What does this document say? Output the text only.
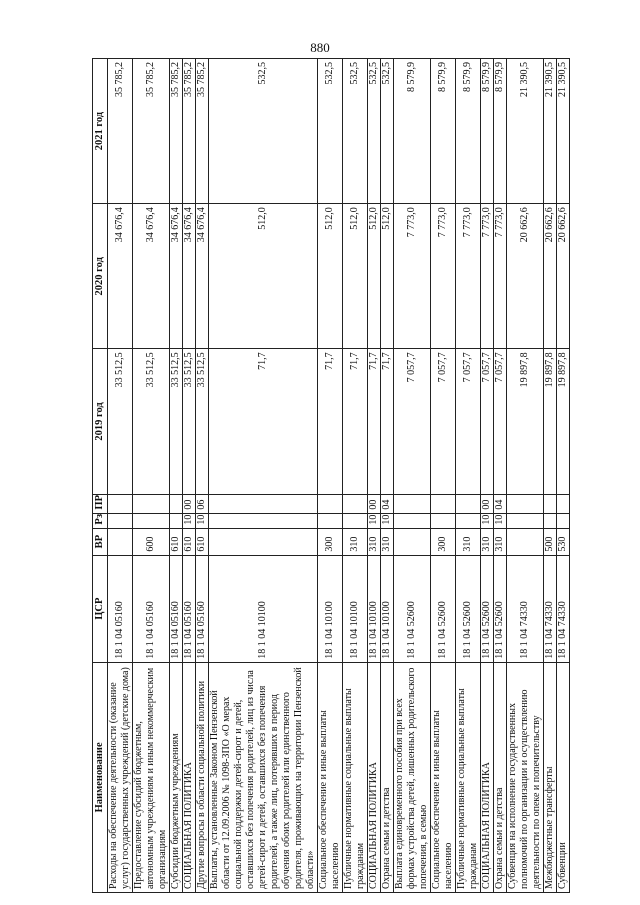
880
Наименование	ЦСР	ВР	Рз	ПР	2019 год	2020 год	2021 год
Расходы на обеспечение деятельности (оказание услуг) государственных учреждений (детские дома)	18 1 04 05160				33 512,5	34 676,4	35 785,2
Предоставление субсидий бюджетным, автономным учреждениям и иным некоммерческим организациям	18 1 04 05160	600			33 512,5	34 676,4	35 785,2
Субсидии бюджетным учреждениям	18 1 04 05160	610			33 512,5	34 676,4	35 785,2
СОЦИАЛЬНАЯ ПОЛИТИКА	18 1 04 05160	610	10	00	33 512,5	34 676,4	35 785,2
Другие вопросы в области социальной политики	18 1 04 05160	610	10	06	33 512,5	34 676,4	35 785,2
Выплаты, установленные Законом Пензенской области от 12.09.2006 № 1098-ЗПО «О мерах социальной поддержки детей-сирот и детей, оставшихся без попечения родителей, лиц из числа детей-сирот и детей, оставшихся без попечения родителей, а также лиц, потерявших в период обучения обоих родителей или единственного родителя, проживающих на территории Пензенской области»	18 1 04 10100				71,7	512,0	532,5
Социальное обеспечение и иные выплаты населению	18 1 04 10100	300			71,7	512,0	532,5
Публичные нормативные социальные выплаты гражданам	18 1 04 10100	310			71,7	512,0	532,5
СОЦИАЛЬНАЯ ПОЛИТИКА	18 1 04 10100	310	10	00	71,7	512,0	532,5
Охрана семьи и детства	18 1 04 10100	310	10	04	71,7	512,0	532,5
Выплата единовременного пособия при всех формах устройства детей, лишенных родительского попечения, в семью	18 1 04 52600				7 057,7	7 773,0	8 579,9
Социальное обеспечение и иные выплаты населению	18 1 04 52600	300			7 057,7	7 773,0	8 579,9
Публичные нормативные социальные выплаты гражданам	18 1 04 52600	310			7 057,7	7 773,0	8 579,9
СОЦИАЛЬНАЯ ПОЛИТИКА	18 1 04 52600	310	10	00	7 057,7	7 773,0	8 579,9
Охрана семьи и детства	18 1 04 52600	310	10	04	7 057,7	7 773,0	8 579,9
Субвенция на исполнение государственных полномочий по организации и осуществлению деятельности по опеке и попечительству	18 1 04 74330				19 897,8	20 662,6	21 390,5
Межбюджетные трансферты	18 1 04 74330	500			19 897,8	20 662,6	21 390,5
Субвенции	18 1 04 74330	530			19 897,8	20 662,6	21 390,5
